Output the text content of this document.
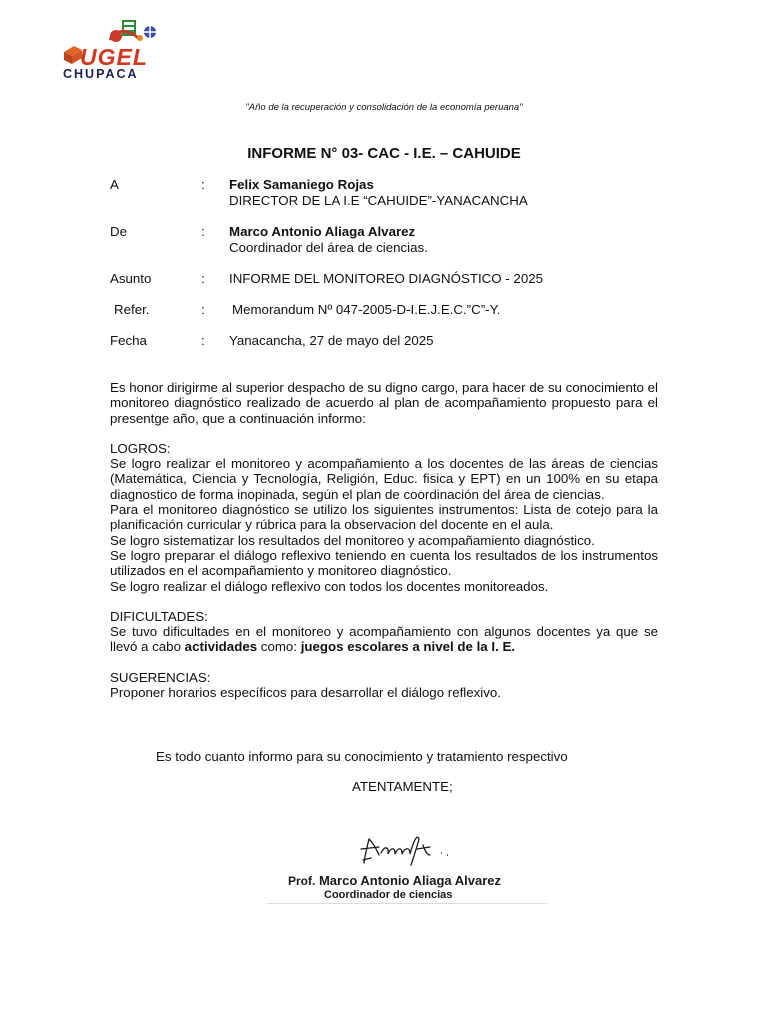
UGEL
CHUPACA
"Año de la recuperación y consolidación de la economía peruana"
INFORME N° 03- CAC - I.E. – CAHUIDE
A	: Felix Samaniego Rojas
DIRECTOR DE LA I.E “CAHUIDE”-YANACANCHA
De	: Marco Antonio Aliaga Alvarez
Coordinador del área de ciencias.
Asunto	: INFORME DEL MONITOREO DIAGNÓSTICO - 2025
Refer.	: Memorandum Nº 047-2005-D-I.E.J.E.C.”C”-Y.
Fecha	: Yanacancha, 27 de mayo del 2025

Es honor dirigirme al superior despacho de su digno cargo, para hacer de su conocimiento el monitoreo diagnóstico realizado de acuerdo al plan de acompañamiento propuesto para el presentge año, que a continuación informo:

LOGROS:

Se logro realizar el monitoreo y acompañamiento a los docentes de las áreas de ciencias (Matemática, Ciencia y Tecnología, Religión, Educ. fisica y EPT) en un 100% en su etapa diagnostico de forma inopinada, según el plan de coordinación del área de ciencias.

Para el monitoreo diagnóstico se utilizo los siguientes instrumentos: Lista de cotejo para la planificación curricular y rúbrica para la observacion del docente en el aula.

Se logro sistematizar los resultados del monitoreo y acompañamiento diagnóstico.

Se logro preparar el diálogo reflexivo teniendo en cuenta los resultados de los instrumentos utilizados en el acompañamiento y monitoreo diagnóstico.

Se logro realizar el diálogo reflexivo con todos los docentes monitoreados.

DIFICULTADES:

Se tuvo dificultades en el monitoreo y acompañamiento con algunos docentes ya que se llevó a cabo actividades como: juegos escolares a nivel de la I. E.

SUGERENCIAS:

Proponer horarios específicos para desarrollar el diálogo reflexivo.

Es todo cuanto informo para su conocimiento y tratamiento respectivo
ATENTAMENTE;
Prof. Marco Antonio Aliaga Alvarez
Coordinador de ciencias
